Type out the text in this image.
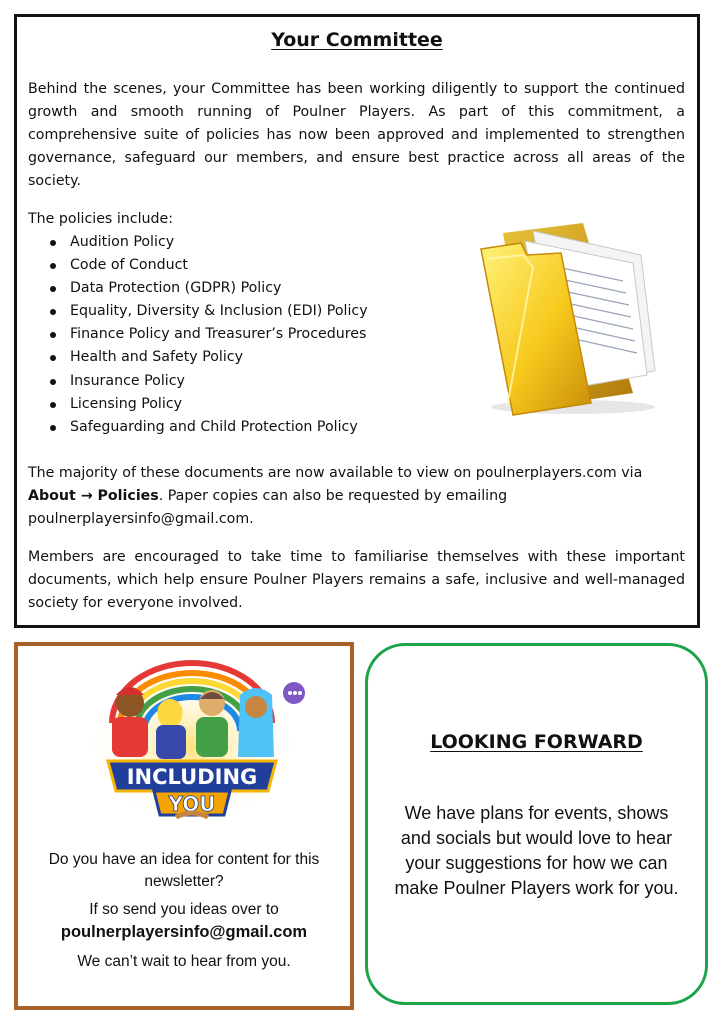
Your Committee
Behind the scenes, your Committee has been working diligently to support the continued growth and smooth running of Poulner Players. As part of this commitment, a comprehensive suite of policies has now been approved and implemented to strengthen governance, safeguard our members, and ensure best practice across all areas of the society.
The policies include:
Audition Policy
Code of Conduct
Data Protection (GDPR) Policy
Equality, Diversity & Inclusion (EDI) Policy
Finance Policy and Treasurer’s Procedures
Health and Safety Policy
Insurance Policy
Licensing Policy
Safeguarding and Child Protection Policy
The majority of these documents are now available to view on poulnerplayers.com via About → Policies. Paper copies can also be requested by emailing poulnerplayersinfo@gmail.com.
Members are encouraged to take time to familiarise themselves with these important documents, which help ensure Poulner Players remains a safe, inclusive and well-managed society for everyone involved.
INCLUDING
YOU
Do you have an idea for content for this newsletter?
If so send you ideas over to
poulnerplayersinfo@gmail.com
We can’t wait to hear from you.
LOOKING FORWARD

We have plans for events, shows and socials but would love to hear your suggestions for how we can make Poulner Players work for you.
